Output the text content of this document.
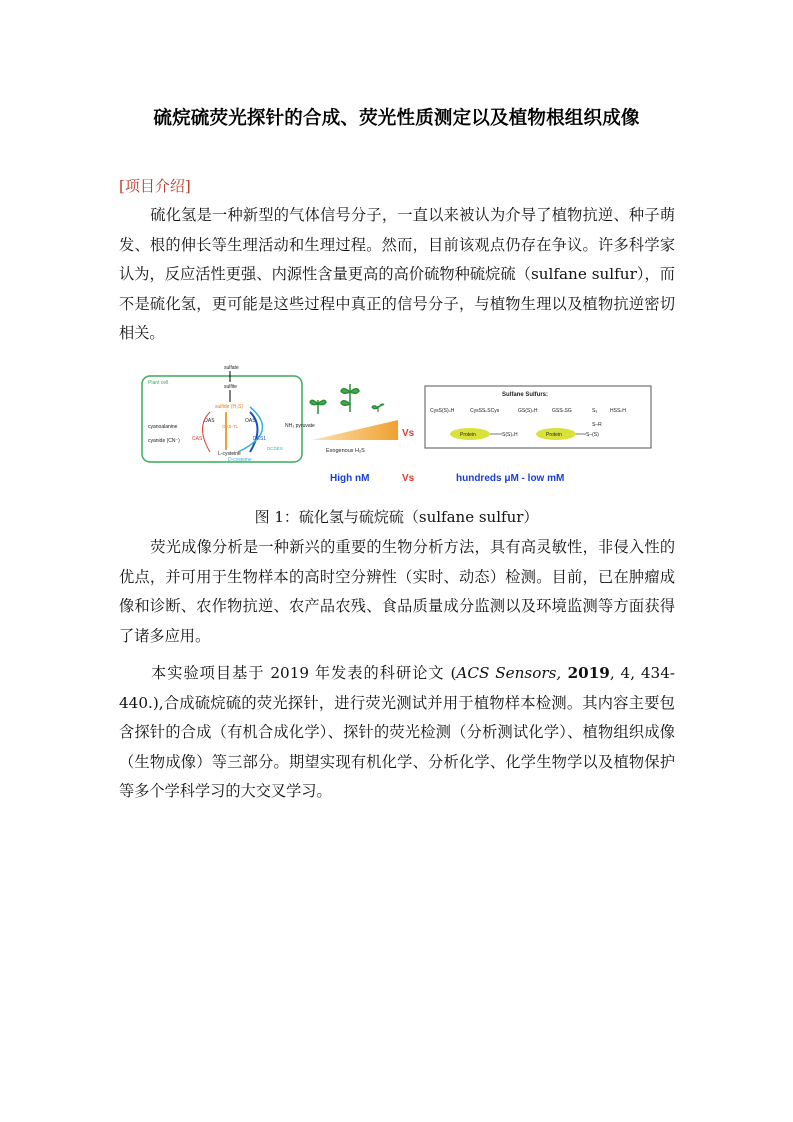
硫烷硫荧光探针的合成、荧光性质测定以及植物根组织成像
[项目介绍]
硫化氢是一种新型的气体信号分子，一直以来被认为介导了植物抗逆、种子萌发、根的伸长等生理活动和生理过程。然而，目前该观点仍存在争议。许多科学家认为，反应活性更强、内源性含量更高的高价硫物种硫烷硫（sulfane sulfur），而不是硫化氢，更可能是这些过程中真正的信号分子，与植物生理以及植物抗逆密切相关。
Plant cell
sulfate
sulfite
sulfide (H₂S)
OAS	OAS
OAS-TL
cyanoalanine
cyanide (CN⁻) CAS	DES1
DCDES
NH₃ pyruvate
L-cysteine
D-cysteine
Exogenous H₂S
Vs
Sulfane Sulfurs:
CysS(S)ₙH	CysSSₙSCys	GS(S)ₙH	GSSₙSG	S₈	HSSₙH
Protein	S(S)ₙH	Protein	S–(S)
S–R
High nM	Vs	hundreds μM - low mM
图 1：硫化氢与硫烷硫（sulfane sulfur）
荧光成像分析是一种新兴的重要的生物分析方法，具有高灵敏性，非侵入性的优点，并可用于生物样本的高时空分辨性（实时、动态）检测。目前，已在肿瘤成像和诊断、农作物抗逆、农产品农残、食品质量成分监测以及环境监测等方面获得了诸多应用。
本实验项目基于 2019 年发表的科研论文 (ACS Sensors, 2019, 4, 434-440.),合成硫烷硫的荧光探针，进行荧光测试并用于植物样本检测。其内容主要包含探针的合成（有机合成化学）、探针的荧光检测（分析测试化学）、植物组织成像（生物成像）等三部分。期望实现有机化学、分析化学、化学生物学以及植物保护等多个学科学习的大交叉学习。
